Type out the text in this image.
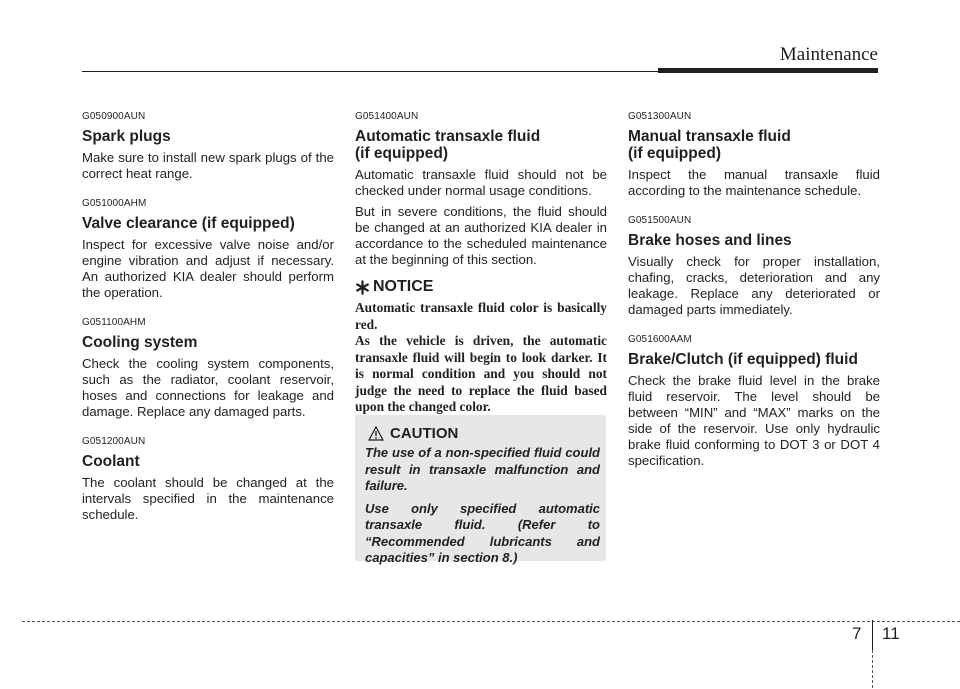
Maintenance
G050900AUN
Spark plugs

Make sure to install new spark plugs of the correct heat range.

G051000AHM
Valve clearance (if equipped)

Inspect for excessive valve noise and/or engine vibration and adjust if necessary. An authorized KIA dealer should perform the operation.

G051100AHM
Cooling system

Check the cooling system components, such as the radiator, coolant reservoir, hoses and connections for leakage and damage. Replace any damaged parts.

G051200AUN
Coolant

The coolant should be changed at the intervals specified in the maintenance schedule.

G051400AUN
Automatic transaxle fluid
(if equipped)

Automatic transaxle fluid should not be checked under normal usage conditions.

But in severe conditions, the fluid should be changed at an authorized KIA dealer in accordance to the scheduled maintenance at the beginning of this section.

NOTICE

Automatic transaxle fluid color is basically red.

As the vehicle is driven, the automatic transaxle fluid will begin to look darker. It is normal condition and you should not judge the need to replace the fluid based upon the changed color.

CAUTION

The use of a non-specified fluid could result in transaxle malfunction and failure.

Use only specified automatic transaxle fluid. (Refer to “Recommended lubricants and capacities” in section 8.)

G051300AUN
Manual transaxle fluid
(if equipped)

Inspect the manual transaxle fluid according to the maintenance schedule.

G051500AUN
Brake hoses and lines

Visually check for proper installation, chafing, cracks, deterioration and any leakage. Replace any deteriorated or damaged parts immediately.

G051600AAM
Brake/Clutch (if equipped) fluid

Check the brake fluid level in the brake fluid reservoir. The level should be between “MIN” and “MAX” marks on the side of the reservoir. Use only hydraulic brake fluid conforming to DOT 3 or DOT 4 specification.

7 11
